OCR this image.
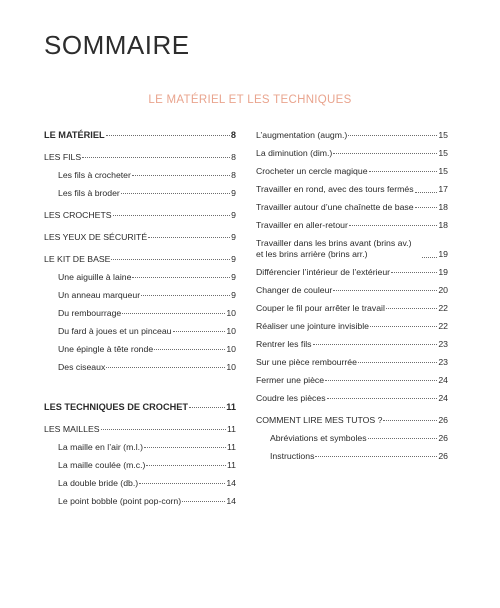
SOMMAIRE
LE MATÉRIEL ET LES TECHNIQUES
LE MATÉRIEL	8
LES FILS	8
Les fils à crocheter	8
Les fils à broder	9
LES CROCHETS	9
LES YEUX DE SÉCURITÉ	9
LE KIT DE BASE	9
Une aiguille à laine	9
Un anneau marqueur	9
Du rembourrage	10
Du fard à joues et un pinceau	10
Une épingle à tête ronde	10
Des ciseaux	10
LES TECHNIQUES DE CROCHET	11
LES MAILLES	11
La maille en l’air (m.l.)	11
La maille coulée (m.c.)	11
La double bride (db.)	14
Le point bobble (point pop-corn)	14
L’augmentation (augm.)	15
La diminution (dim.)	15
Crocheter un cercle magique	15
Travailler en rond, avec des tours fermés	17
Travailler autour d’une chaînette de base	18
Travailler en aller-retour	18
Travailler dans les brins avant (brins av.) et les brins arrière (brins arr.)	19
Différencier l’intérieur de l’extérieur	19
Changer de couleur	20
Couper le fil pour arrêter le travail	22
Réaliser une jointure invisible	22
Rentrer les fils	23
Sur une pièce rembourrée	23
Fermer une pièce	24
Coudre les pièces	24
COMMENT LIRE MES TUTOS ?	26
Abréviations et symboles	26
Instructions	26
